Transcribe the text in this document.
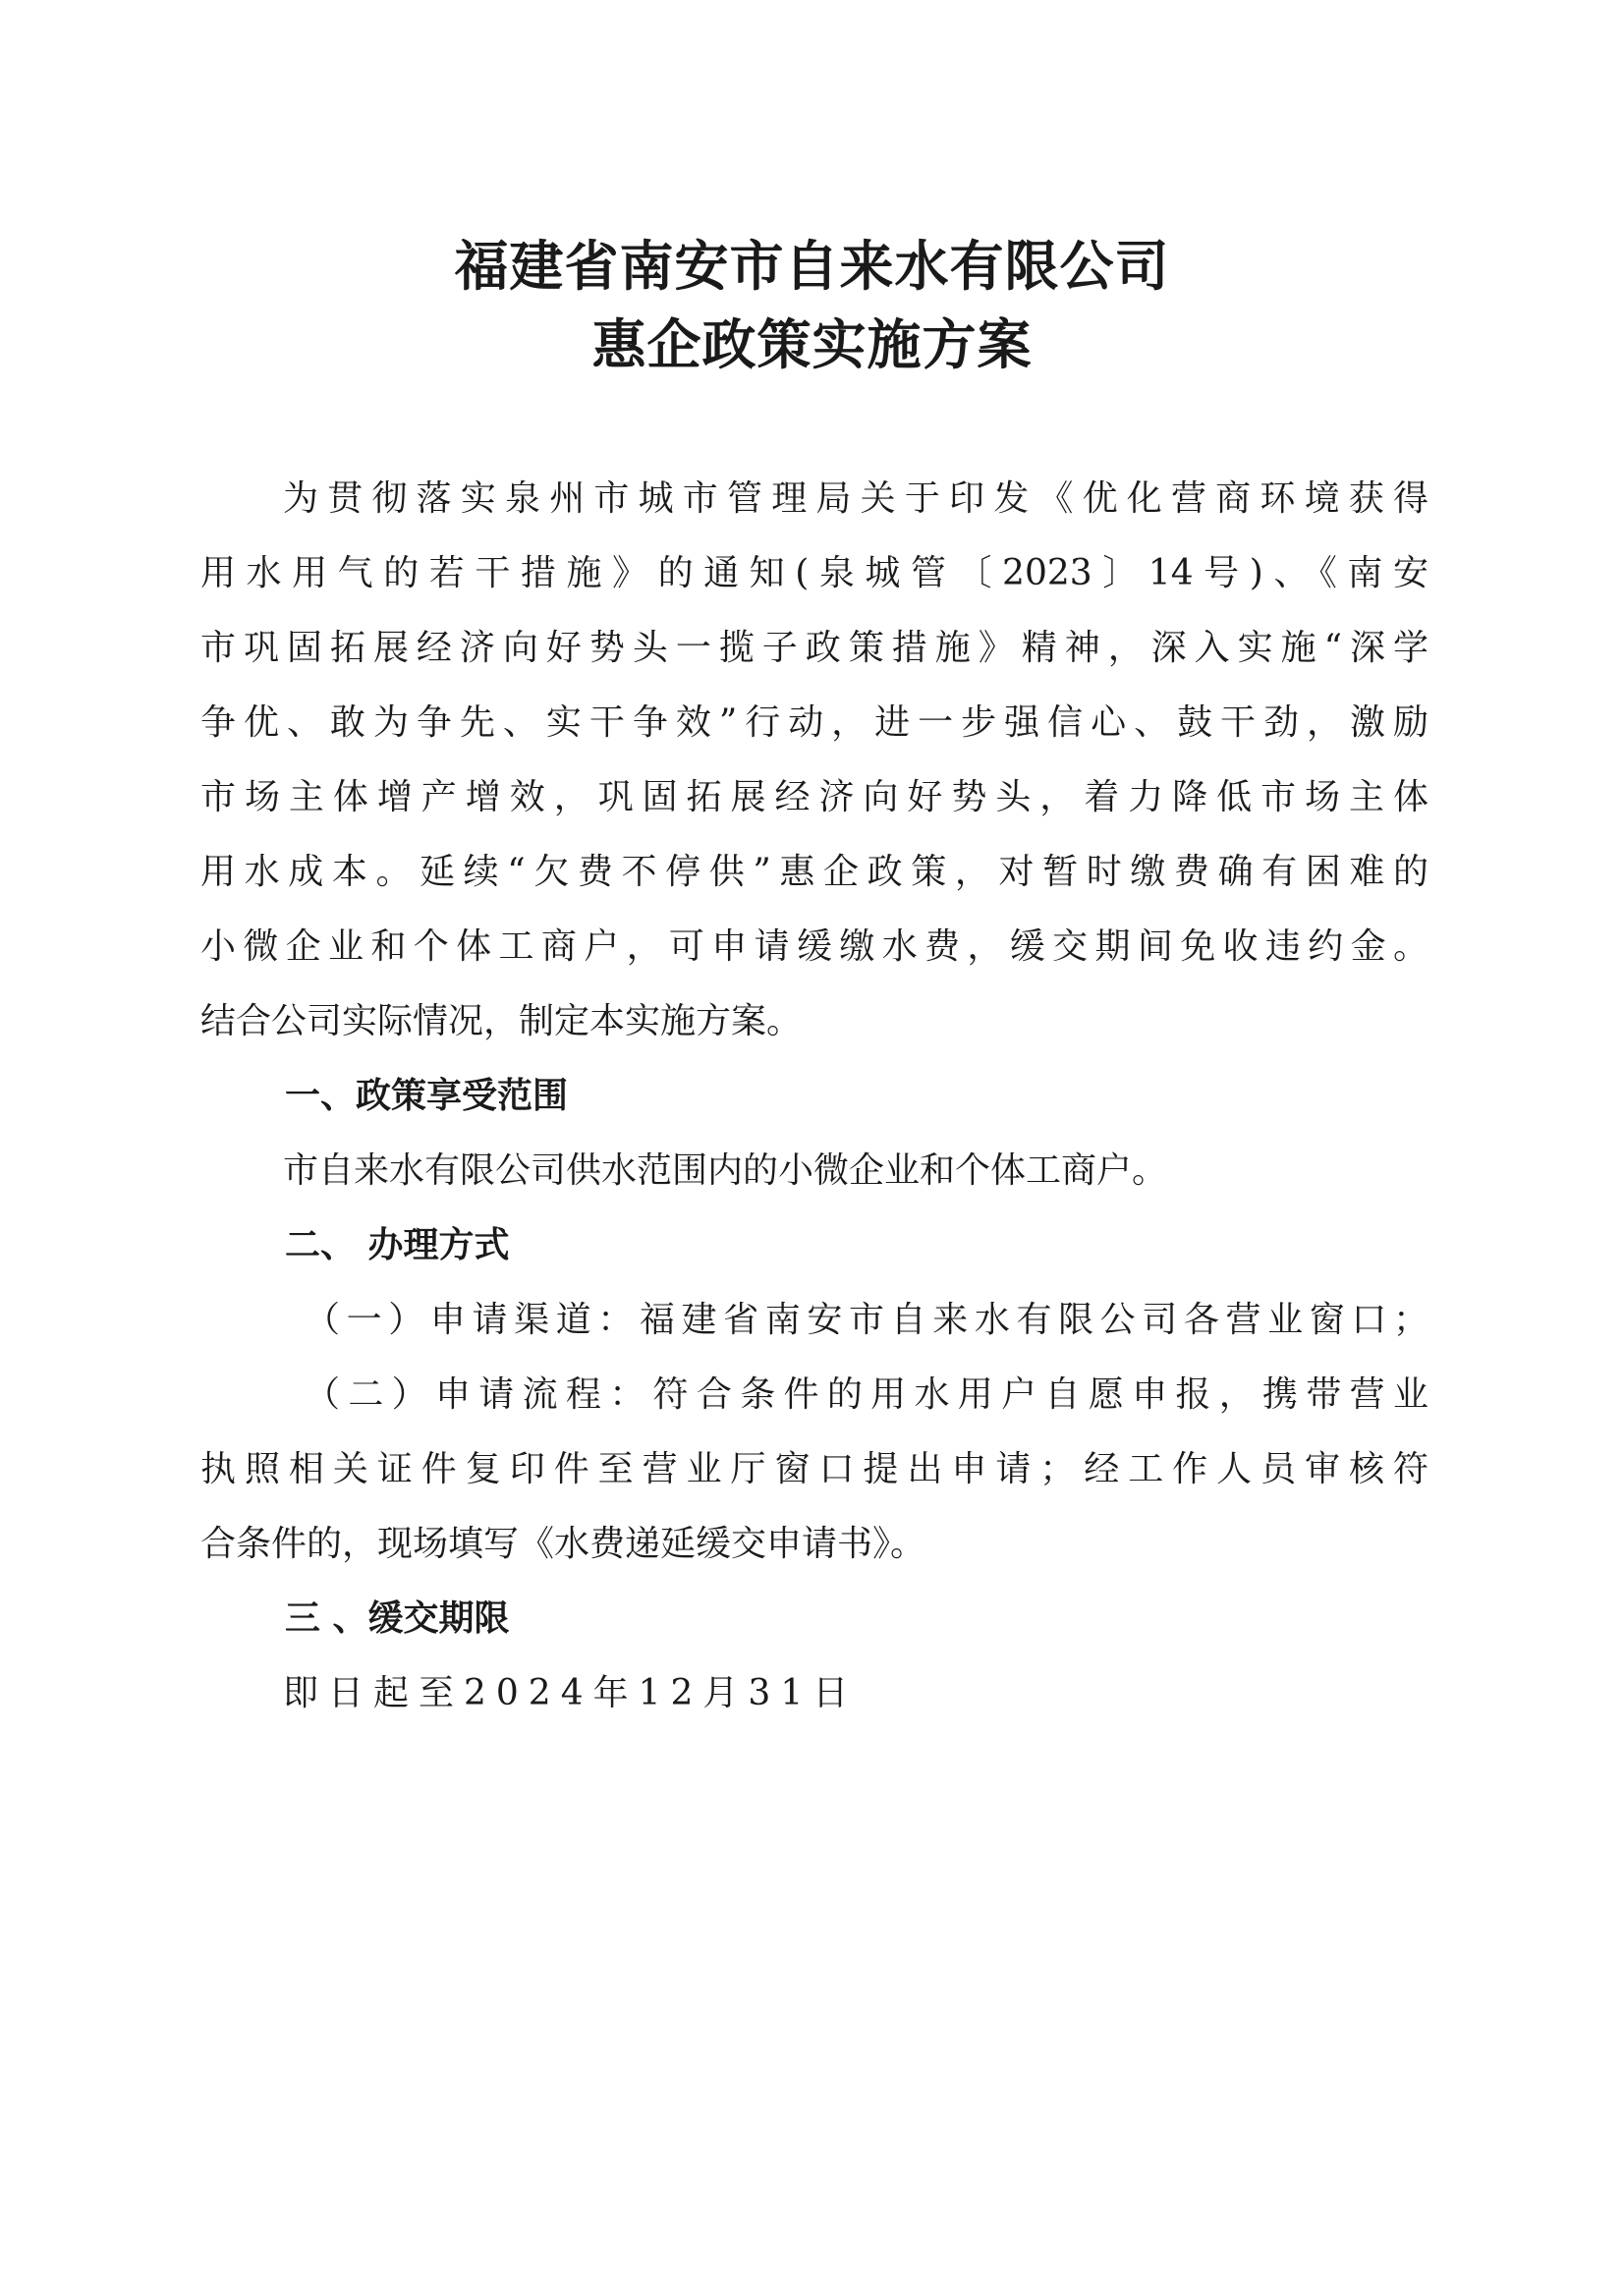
福建省南安市自来水有限公司
惠企政策实施方案
为贯彻落实泉州市城市管理局关于印发《优化营商环境获得
用水用气的若干措施》的通知(泉城管〔2023〕14号)、《南安
市巩固拓展经济向好势头一揽子政策措施》精神，深入实施“深学
争优、敢为争先、实干争效”行动，进一步强信心、鼓干劲，激励
市场主体增产增效，巩固拓展经济向好势头，着力降低市场主体
用水成本。延续“欠费不停供”惠企政策，对暂时缴费确有困难的
小微企业和个体工商户，可申请缓缴水费，缓交期间免收违约金。
结合公司实际情况，制定本实施方案。
一、政策享受范围
市自来水有限公司供水范围内的小微企业和个体工商户。
二、 办理方式
（一）申请渠道：福建省南安市自来水有限公司各营业窗口；
（二）申请流程：符合条件的用水用户自愿申报，携带营业
执照相关证件复印件至营业厅窗口提出申请；经工作人员审核符
合条件的，现场填写《水费递延缓交申请书》。
三 、缓交期限
即日起至2024年12月31日
